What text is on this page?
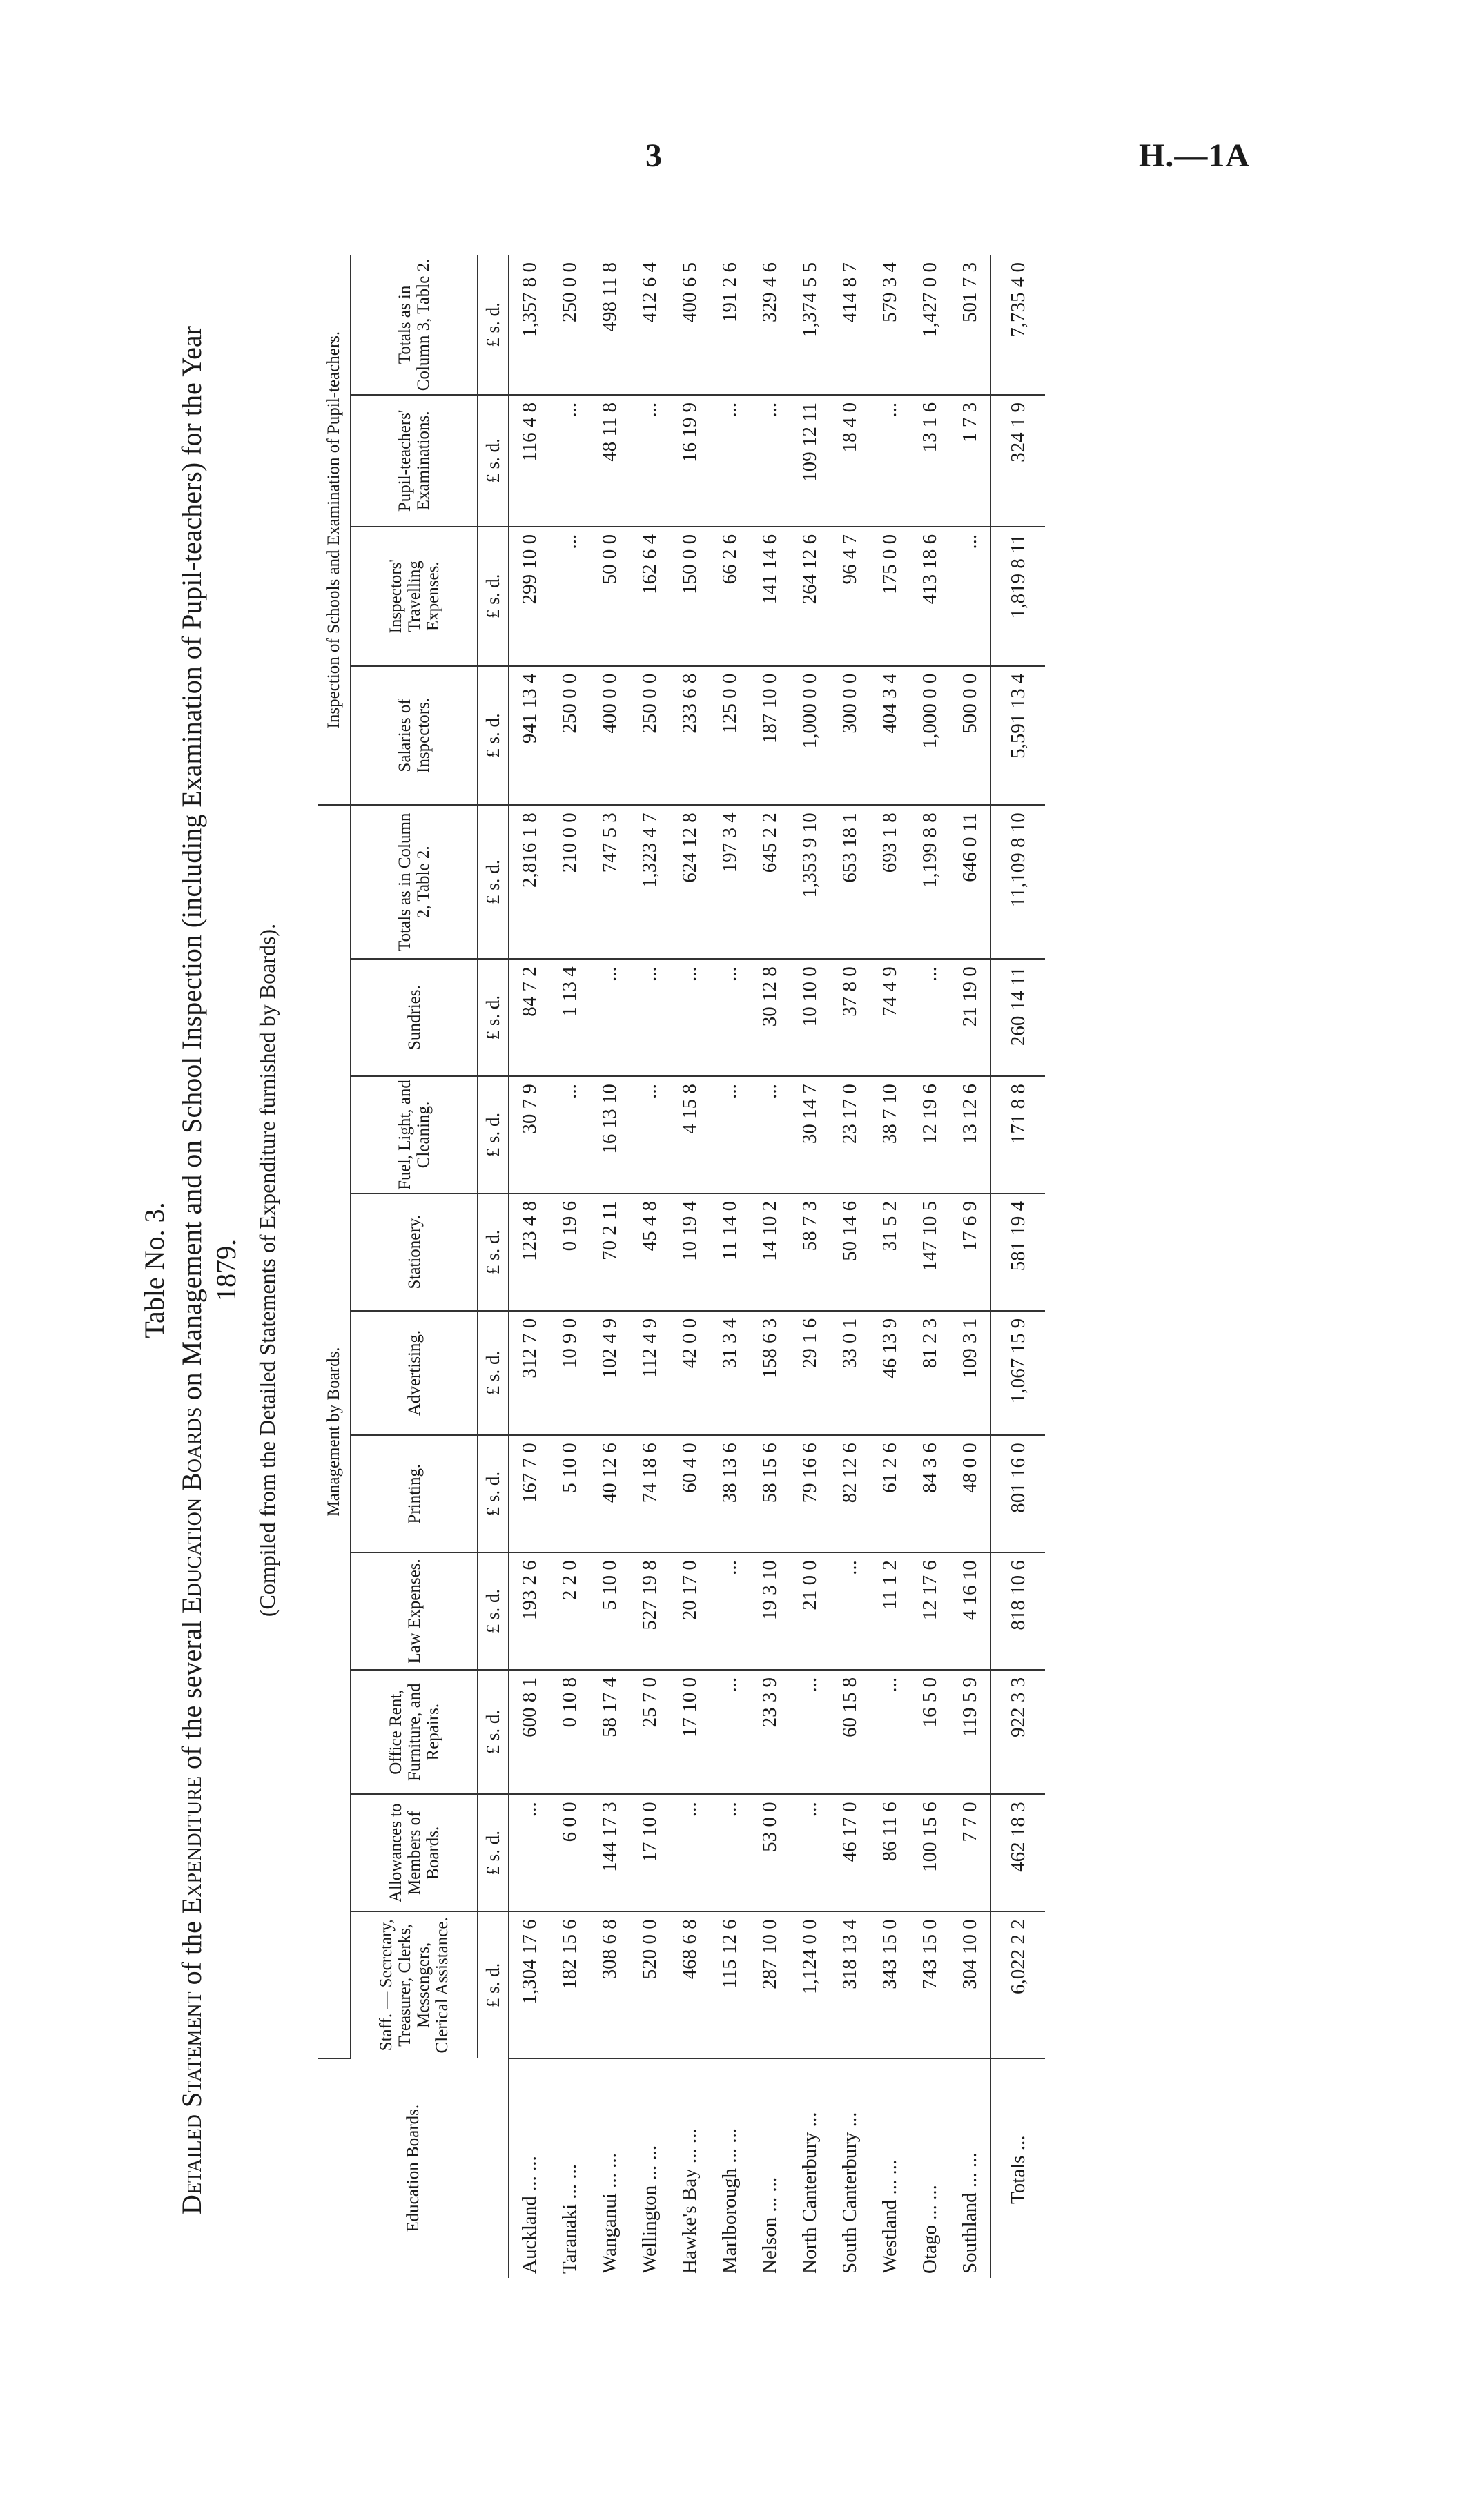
3	H.—1A
Table No. 3.
Detailed Statement of the Expenditure of the several Education Boards on Management and on School Inspection (including Examination of Pupil-teachers) for the Year 1879. (Compiled from the Detailed Statements of Expenditure furnished by Boards).
Education Boards.	Management by Boards.										Inspection of Schools and Examination of Pupil-teachers.			
	Staff. — Secretary, Treasurer, Clerks, Messengers, Clerical Assistance.	Allowances to Members of Boards.	Office Rent, Furniture, and Repairs.	Law Expenses.	Printing.	Advertising.	Stationery.	Fuel, Light, and Cleaning.	Sundries.	Totals as in Column 2, Table 2.	Salaries of Inspectors.	Inspectors' Travelling Expenses.	Pupil-teachers' Examinations.	Totals as in Column 3, Table 2.
	£ s. d.	£ s. d.	£ s. d.	£ s. d.	£ s. d.	£ s. d.	£ s. d.	£ s. d.	£ s. d.	£ s. d.	£ s. d.	£ s. d.	£ s. d.	£ s. d.
Auckland ... ...	1,304 17 6	...	600 8 1	193 2 6	167 7 0	312 7 0	123 4 8	30 7 9	84 7 2	2,816 1 8	941 13 4	299 10 0	116 4 8	1,357 8 0
Taranaki ... ...	182 15 6	6 0 0	0 10 8	2 2 0	5 10 0	10 9 0	0 19 6	...	1 13 4	210 0 0	250 0 0	...	...	250 0 0
Wanganui ... ...	308 6 8	144 17 3	58 17 4	5 10 0	40 12 6	102 4 9	70 2 11	16 13 10	...	747 5 3	400 0 0	50 0 0	48 11 8	498 11 8
Wellington ... ...	520 0 0	17 10 0	25 7 0	527 19 8	74 18 6	112 4 9	45 4 8	...	...	1,323 4 7	250 0 0	162 6 4	...	412 6 4
Hawke's Bay ... ...	468 6 8	...	17 10 0	20 17 0	60 4 0	42 0 0	10 19 4	4 15 8	...	624 12 8	233 6 8	150 0 0	16 19 9	400 6 5
Marlborough ... ...	115 12 6	...	...	...	38 13 6	31 3 4	11 14 0	...	...	197 3 4	125 0 0	66 2 6	...	191 2 6
Nelson ... ...	287 10 0	53 0 0	23 3 9	19 3 10	58 15 6	158 6 3	14 10 2	...	30 12 8	645 2 2	187 10 0	141 14 6	...	329 4 6
North Canterbury ...	1,124 0 0	...	...	21 0 0	79 16 6	29 1 6	58 7 3	30 14 7	10 10 0	1,353 9 10	1,000 0 0	264 12 6	109 12 11	1,374 5 5
South Canterbury ...	318 13 4	46 17 0	60 15 8	...	82 12 6	33 0 1	50 14 6	23 17 0	37 8 0	653 18 1	300 0 0	96 4 7	18 4 0	414 8 7
Westland ... ...	343 15 0	86 11 6	...	11 1 2	61 2 6	46 13 9	31 5 2	38 7 10	74 4 9	693 1 8	404 3 4	175 0 0	...	579 3 4
Otago ... ...	743 15 0	100 15 6	16 5 0	12 17 6	84 3 6	81 2 3	147 10 5	12 19 6	...	1,199 8 8	1,000 0 0	413 18 6	13 1 6	1,427 0 0
Southland ... ...	304 10 0	7 7 0	119 5 9	4 16 10	48 0 0	109 3 1	17 6 9	13 12 6	21 19 0	646 0 11	500 0 0	...	1 7 3	501 7 3
Totals ...	6,022 2 2	462 18 3	922 3 3	818 10 6	801 16 0	1,067 15 9	581 19 4	171 8 8	260 14 11	11,109 8 10	5,591 13 4	1,819 8 11	324 1 9	7,735 4 0
